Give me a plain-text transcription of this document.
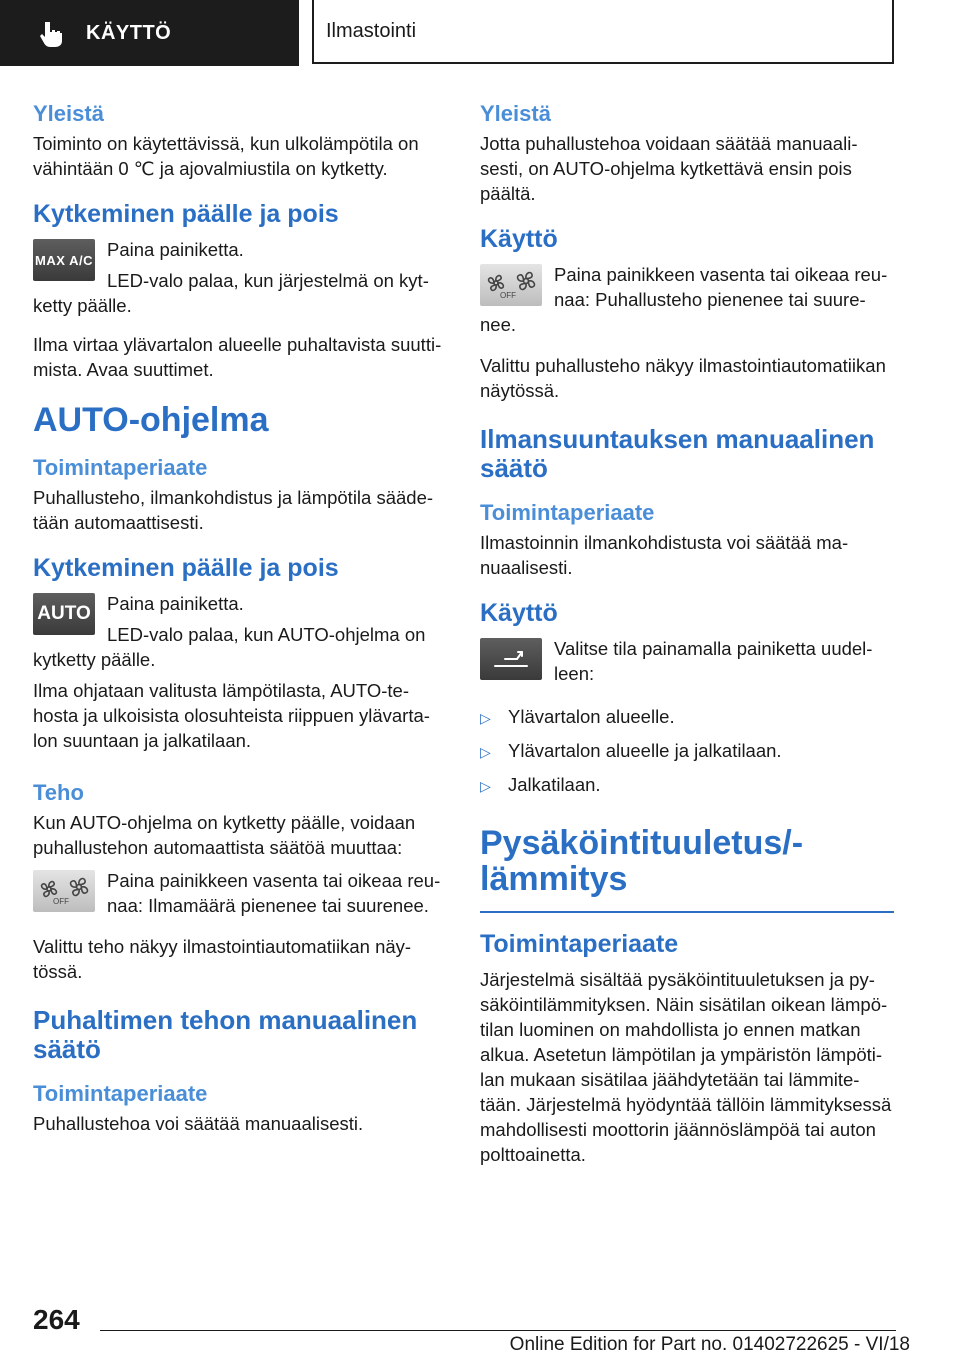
KÄYTTÖ	Ilmastointi
Yleistä

Toiminto on käytettävissä, kun ulkolämpötila on vähintään 0 ℃ ja ajovalmiustila on kytketty.

Kytkeminen päälle ja pois
MAX A/C Paina painiketta.

LED-valo palaa, kun järjestelmä on kytketty päälle.

Ilma virtaa ylävartalon alueelle puhaltavista suuttimista. Avaa suuttimet.

AUTO-ohjelma
Toimintaperiaate

Puhallusteho, ilmankohdistus ja lämpötila säädetään automaattisesti.

Kytkeminen päälle ja pois
AUTO Paina painiketta.

LED-valo palaa, kun AUTO-ohjelma on kytketty päälle.

Ilma ohjataan valitusta lämpötilasta, AUTO-tehosta ja ulkoisista olosuhteista riippuen ylävartalon suuntaan ja jalkatilaan.

Teho

Kun AUTO-ohjelma on kytketty päälle, voidaan puhallustehon automaattista säätöä muuttaa:

OFF

Paina painikkeen vasenta tai oikeaa reunaa: Ilmamäärä pienenee tai suurenee.

Valittu teho näkyy ilmastointiautomatiikan näytössä.

Puhaltimen tehon manuaalinen säätö
Toimintaperiaate

Puhallustehoa voi säätää manuaalisesti.

Yleistä

Jotta puhallustehoa voidaan säätää manuaalisesti, on AUTO-ohjelma kytkettävä ensin pois päältä.

Käyttö
OFF

Paina painikkeen vasenta tai oikeaa reunaa: Puhallusteho pienenee tai suurenee.

Valittu puhallusteho näkyy ilmastointiautomatiikan näytössä.

Ilmansuuntauksen manuaalinen säätö
Toimintaperiaate

Ilmastoinnin ilmankohdistusta voi säätää manuaalisesti.

Käyttö

Valitse tila painamalla painiketta uudelleen:

▷ Ylävartalon alueelle.
▷ Ylävartalon alueelle ja jalkatilaan.
▷ Jalkatilaan.
Pysäköintituuletus/-lämmitys
Toimintaperiaate

Järjestelmä sisältää pysäköintituuletuksen ja pysäköintilämmityksen. Näin sisätilan oikean lämpötilan luominen on mahdollista jo ennen matkan alkua. Asetetun lämpötilan ja ympäristön lämpötilan mukaan sisätilaa jäähdytetään tai lämmitetään. Järjestelmä hyödyntää tällöin lämmityksessä mahdollisesti moottorin jäännöslämpöä tai auton polttoainetta.

264
Online Edition for Part no. 01402722625 - VI/18
